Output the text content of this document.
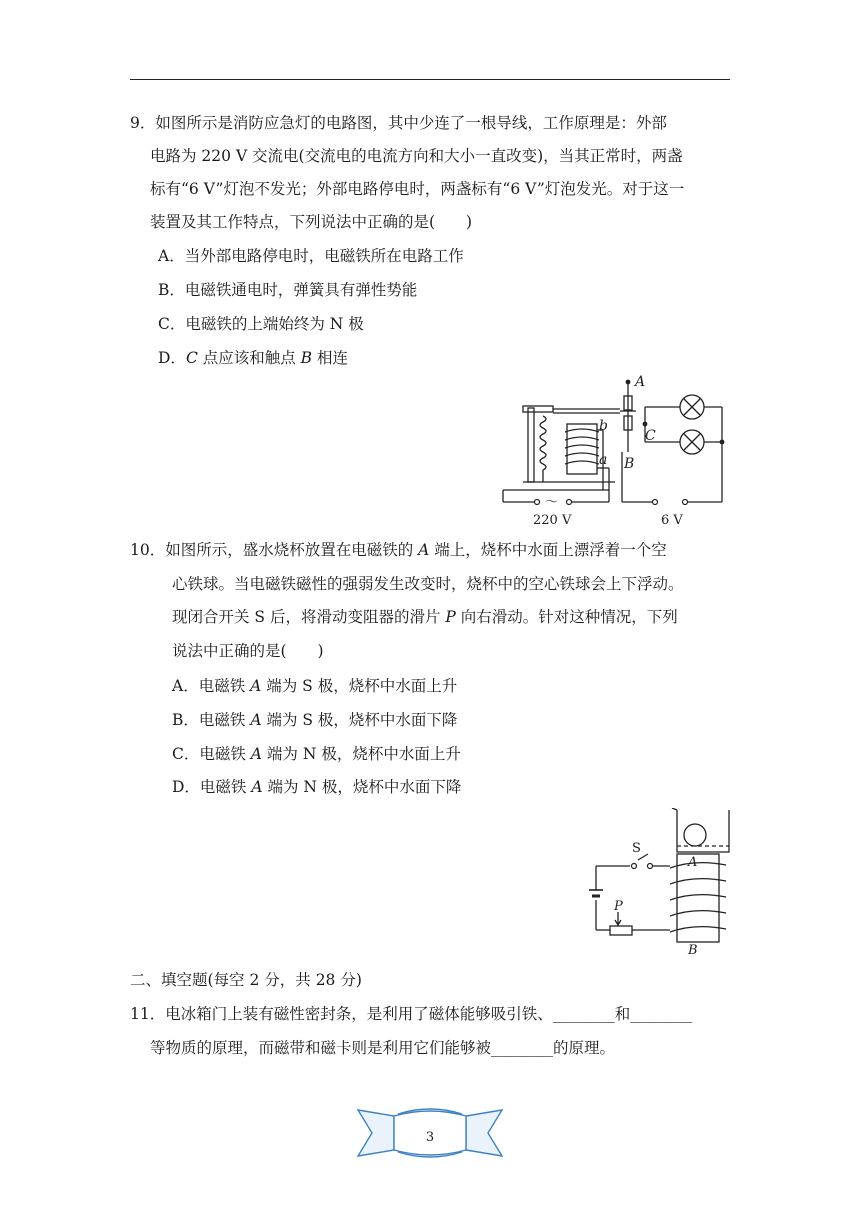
9．如图所示是消防应急灯的电路图，其中少连了一根导线，工作原理是：外部
电路为 220 V 交流电(交流电的电流方向和大小一直改变)，当其正常时，两盏
标有“6 V”灯泡不发光；外部电路停电时，两盏标有“6 V”灯泡发光。对于这一
装置及其工作特点，下列说法中正确的是(　　)
A．当外部电路停电时，电磁铁所在电路工作
B．电磁铁通电时，弹簧具有弹性势能
C．电磁铁的上端始终为 N 极
D．C 点应该和触点 B 相连
A
B
C
a
b
～
220 V	6 V
10．如图所示，盛水烧杯放置在电磁铁的 A 端上，烧杯中水面上漂浮着一个空
心铁球。当电磁铁磁性的强弱发生改变时，烧杯中的空心铁球会上下浮动。
现闭合开关 S 后，将滑动变阻器的滑片 P 向右滑动。针对这种情况，下列
说法中正确的是(　　)
A．电磁铁 A 端为 S 极，烧杯中水面上升
B．电磁铁 A 端为 S 极，烧杯中水面下降
C．电磁铁 A 端为 N 极，烧杯中水面上升
D．电磁铁 A 端为 N 极，烧杯中水面下降
S
A
P
B
二、填空题(每空 2 分，共 28 分)
11．电冰箱门上装有磁性密封条，是利用了磁体能够吸引铁、________和________
等物质的原理，而磁带和磁卡则是利用它们能够被________的原理。
3
